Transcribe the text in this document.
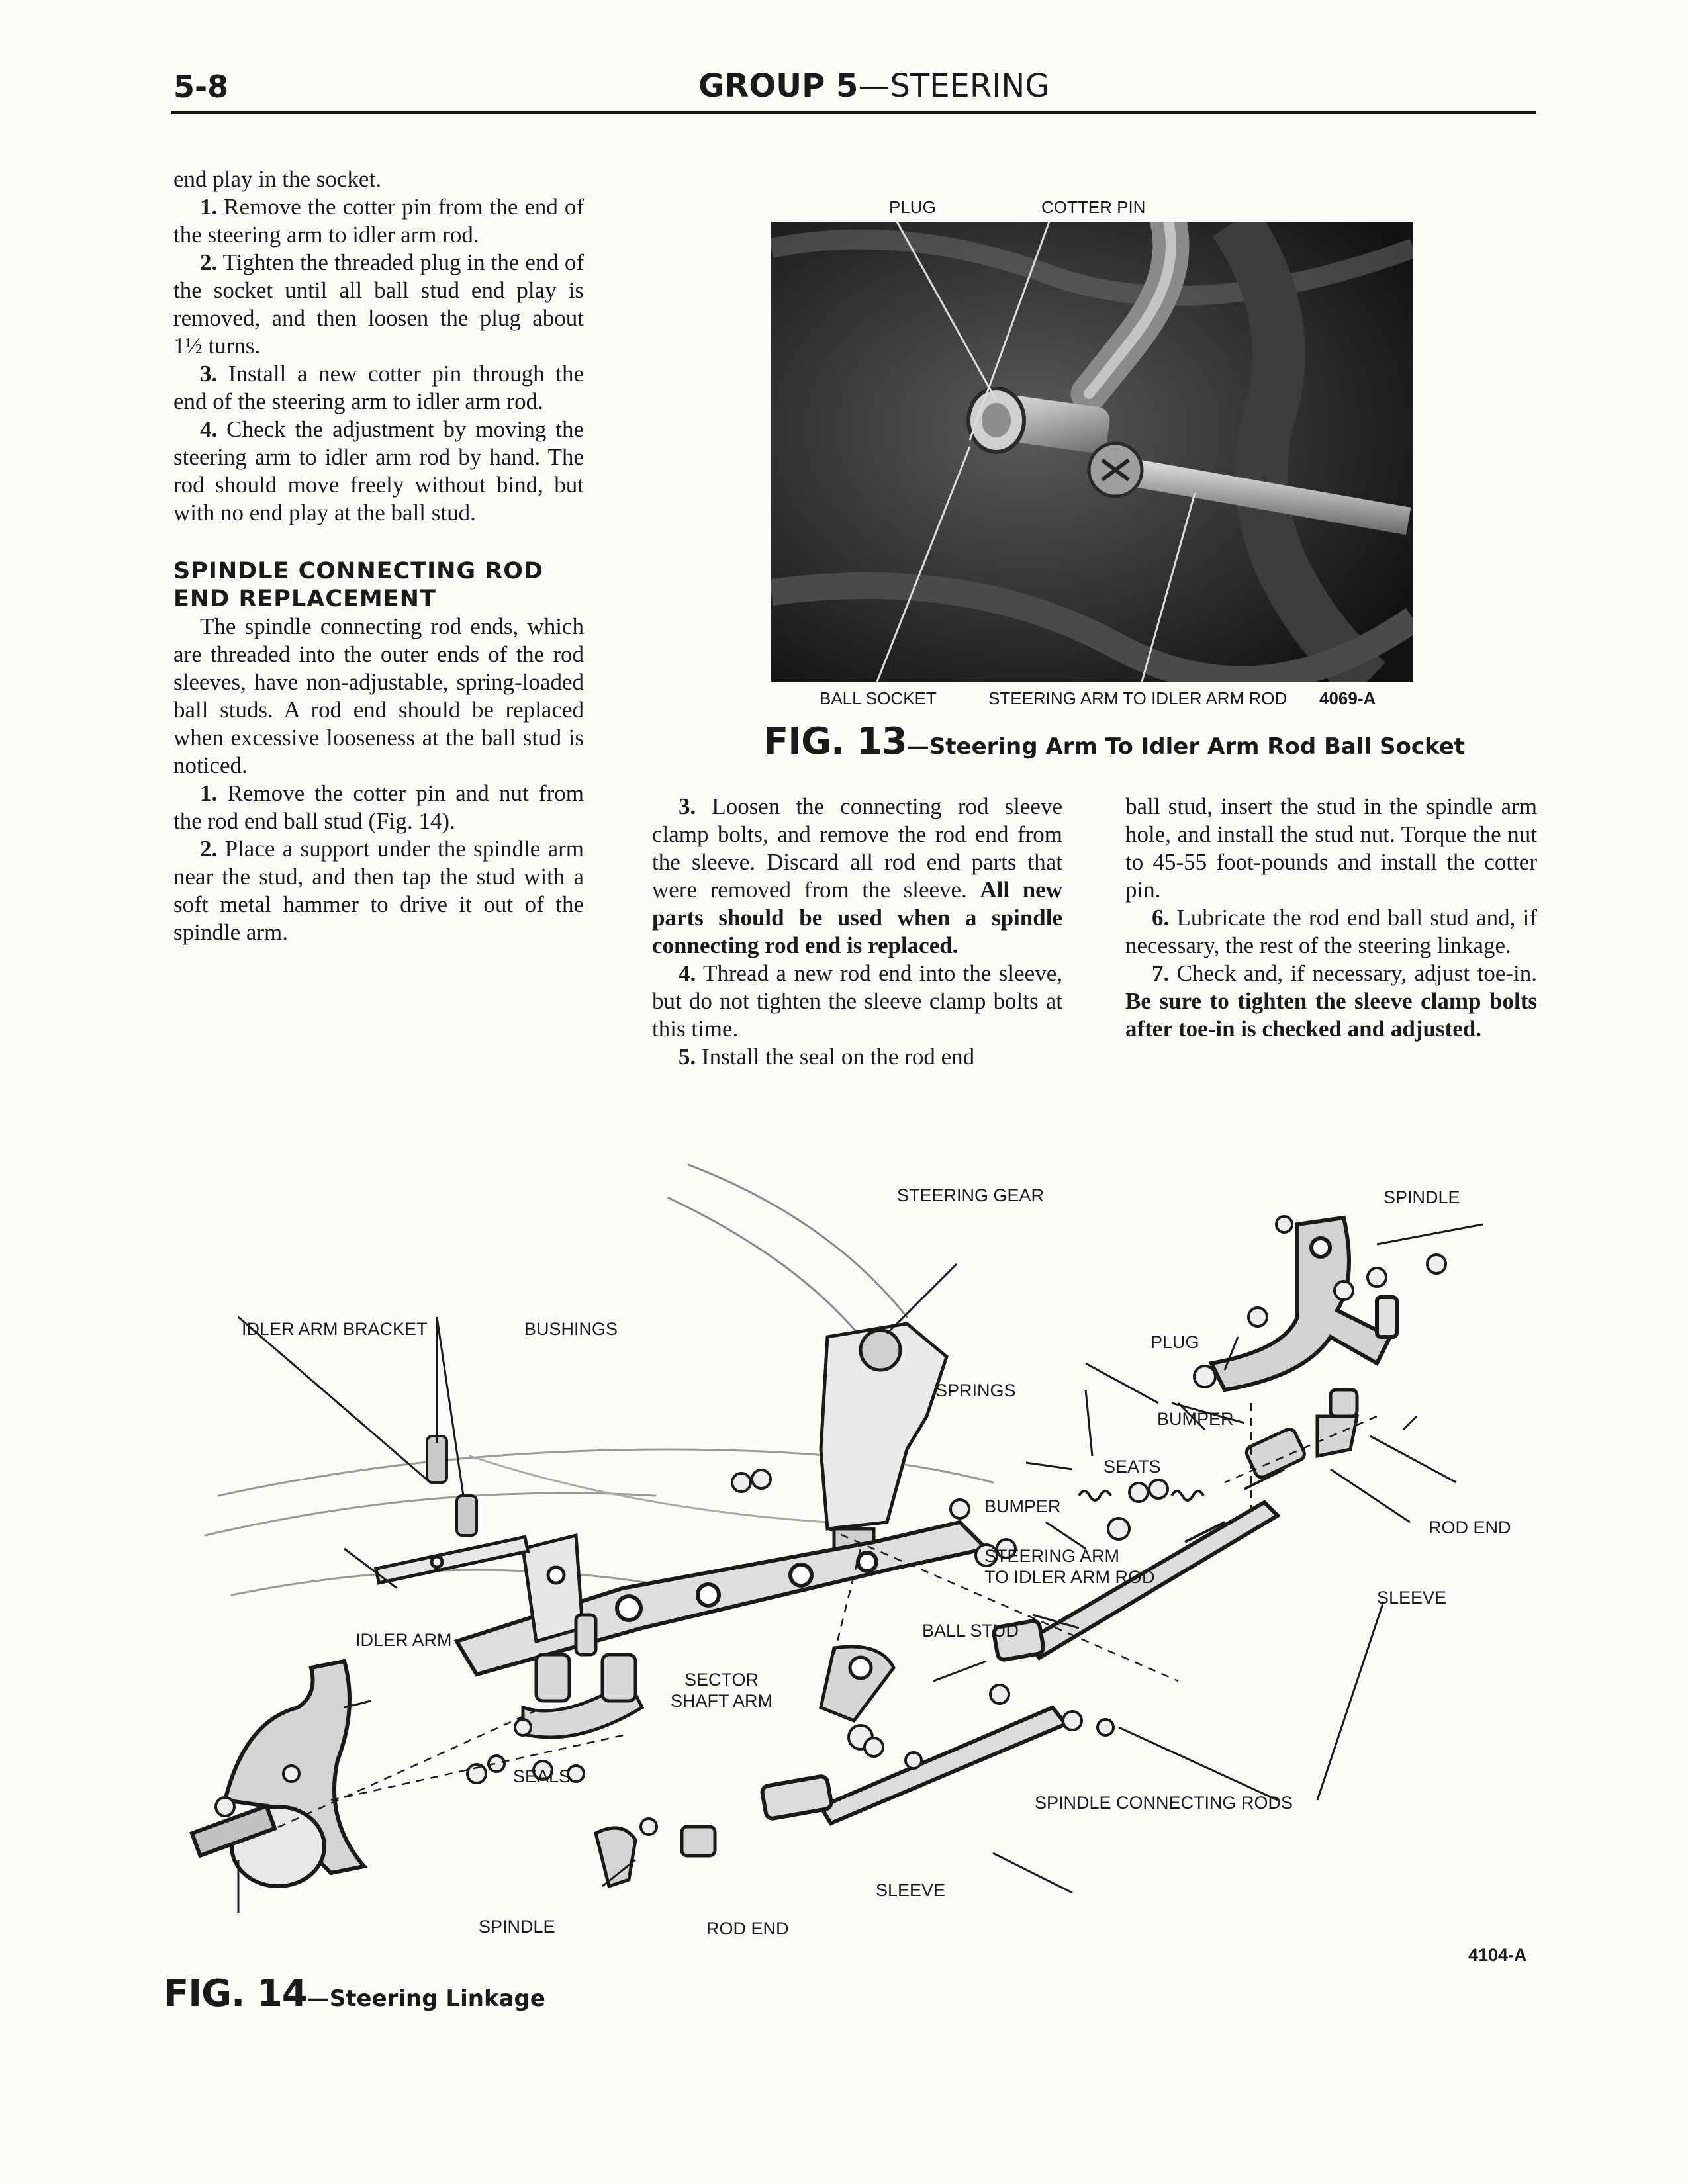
5-8	GROUP 5—STEERING

end play in the socket.

1. Remove the cotter pin from the end of the steering arm to idler arm rod.

2. Tighten the threaded plug in the end of the socket until all ball stud end play is removed, and then loosen the plug about 1½ turns.

3. Install a new cotter pin through the end of the steering arm to idler arm rod.

4. Check the adjustment by moving the steering arm to idler arm rod by hand. The rod should move freely without bind, but with no end play at the ball stud.

SPINDLE CONNECTING ROD
END REPLACEMENT

The spindle connecting rod ends, which are threaded into the outer ends of the rod sleeves, have non-adjustable, spring-loaded ball studs. A rod end should be replaced when excessive looseness at the ball stud is noticed.

1. Remove the cotter pin and nut from the rod end ball stud (Fig. 14).

2. Place a support under the spindle arm near the stud, and then tap the stud with a soft metal hammer to drive it out of the spindle arm.

3. Loosen the connecting rod sleeve clamp bolts, and remove the rod end from the sleeve. Discard all rod end parts that were removed from the sleeve. All new parts should be used when a spindle connecting rod end is replaced.

4. Thread a new rod end into the sleeve, but do not tighten the sleeve clamp bolts at this time.

5. Install the seal on the rod end

ball stud, insert the stud in the spindle arm hole, and install the stud nut. Torque the nut to 45-55 foot-pounds and install the cotter pin.

6. Lubricate the rod end ball stud and, if necessary, the rest of the steering linkage.

7. Check and, if necessary, adjust toe-in. Be sure to tighten the sleeve clamp bolts after toe-in is checked and adjusted.

PLUG	COTTER PIN
BALL SOCKET	STEERING ARM TO IDLER ARM ROD 4069-A
FIG. 13—Steering Arm To Idler Arm Rod Ball Socket
STEERING GEAR	SPINDLE
IDLER ARM BRACKET	BUSHINGS
PLUG
SPRINGS
BUMPER
SEATS
BUMPER
ROD END
STEERING ARM
TO IDLER ARM ROD
SLEEVE
BALL STUD
IDLER ARM
SECTOR
SHAFT ARM
SEALS
SPINDLE CONNECTING RODS
SLEEVE
SPINDLE	ROD END
4104-A
FIG. 14—Steering Linkage
